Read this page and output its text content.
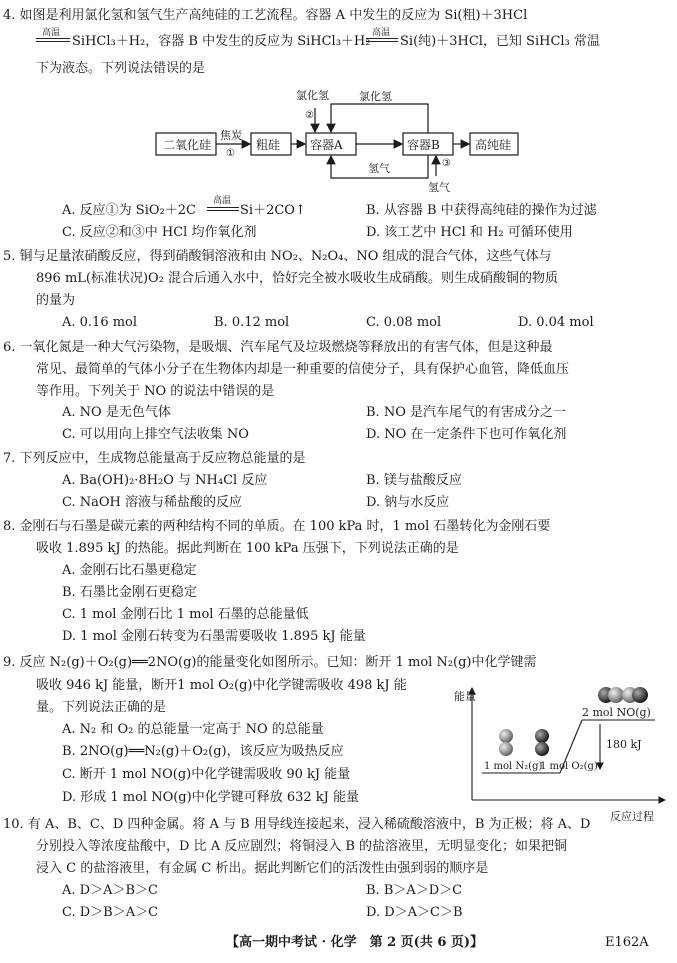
4. 如图是利用氯化氢和氢气生产高纯硅的工艺流程。容器 A 中发生的反应为 Si(粗)＋3HCl
高温
SiHCl₃＋H₂，容器 B 中发生的反应为 SiHCl₃＋H₂
高温
Si(纯)＋3HCl，已知 SiHCl₃ 常温
下为液态。下列说法错误的是
二氧化硅	粗硅 容器A	容器B	高纯硅
焦炭
①
氯化氢
②
氯化氢
氢气	③
氢气
A. 反应①为 SiO₂＋2C
高温
Si＋2CO↑	B. 从容器 B 中获得高纯硅的操作为过滤
C. 反应②和③中 HCl 均作氧化剂	D. 该工艺中 HCl 和 H₂ 可循环使用
5. 铜与足量浓硝酸反应，得到硝酸铜溶液和由 NO₂、N₂O₄、NO 组成的混合气体，这些气体与
896 mL(标准状况)O₂ 混合后通入水中，恰好完全被水吸收生成硝酸。则生成硝酸铜的物质
的量为
A. 0.16 mol	B. 0.12 mol	C. 0.08 mol	D. 0.04 mol
6. 一氧化氮是一种大气污染物，是吸烟、汽车尾气及垃圾燃烧等释放出的有害气体，但是这种最
常见、最简单的气体小分子在生物体内却是一种重要的信使分子，具有保护心血管，降低血压
等作用。下列关于 NO 的说法中错误的是
A. NO 是无色气体	B. NO 是汽车尾气的有害成分之一
C. 可以用向上排空气法收集 NO	D. NO 在一定条件下也可作氧化剂
7. 下列反应中，生成物总能量高于反应物总能量的是
A. Ba(OH)₂·8H₂O 与 NH₄Cl 反应	B. 镁与盐酸反应
C. NaOH 溶液与稀盐酸的反应	D. 钠与水反应
8. 金刚石与石墨是碳元素的两种结构不同的单质。在 100 kPa 时，1 mol 石墨转化为金刚石要
吸收 1.895 kJ 的热能。据此判断在 100 kPa 压强下，下列说法正确的是
A. 金刚石比石墨更稳定
B. 石墨比金刚石更稳定
C. 1 mol 金刚石比 1 mol 石墨的总能量低
D. 1 mol 金刚石转变为石墨需要吸收 1.895 kJ 能量
9. 反应 N₂(g)＋O₂(g)══2NO(g)的能量变化如图所示。已知：断开 1 mol N₂(g)中化学键需
吸收 946 kJ 能量，断开1 mol O₂(g)中化学键需吸收 498 kJ 能
量。下列说法正确的是
A. N₂ 和 O₂ 的总能量一定高于 NO 的总能量
B. 2NO(g)══N₂(g)＋O₂(g)，该反应为吸热反应
C. 断开 1 mol NO(g)中化学键需吸收 90 kJ 能量
D. 形成 1 mol NO(g)中化学键可释放 632 kJ 能量
能量
反应过程
2 mol NO(g)
1 mol N₂(g)
1 mol O₂(g)
180 kJ
10. 有 A、B、C、D 四种金属。将 A 与 B 用导线连接起来，浸入稀硫酸溶液中，B 为正极；将 A、D
分别投入等浓度盐酸中，D 比 A 反应剧烈；将铜浸入 B 的盐溶液里，无明显变化；如果把铜
浸入 C 的盐溶液里，有金属 C 析出。据此判断它们的活泼性由强到弱的顺序是
A. D＞A＞B＞C	B. B＞A＞D＞C
C. D＞B＞A＞C	D. D＞A＞C＞B
【高一期中考试 · 化学　第 2 页(共 6 页)】	E162A
